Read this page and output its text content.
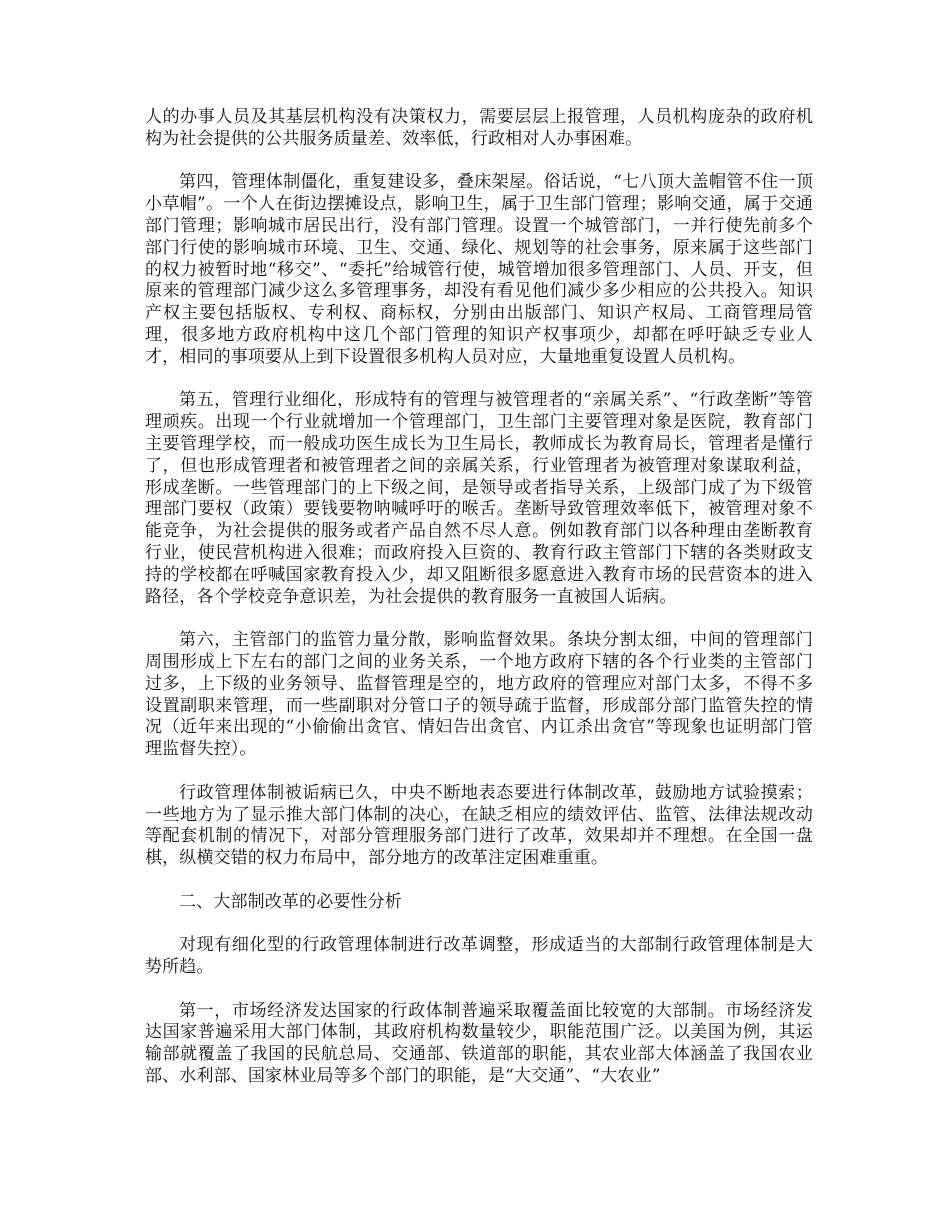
人的办事人员及其基层机构没有决策权力，需要层层上报管理，人员机构庞杂的政府机构为社会提供的公共服务质量差、效率低，行政相对人办事困难。

第四，管理体制僵化，重复建设多，叠床架屋。俗话说，“七八顶大盖帽管不住一顶小草帽”。一个人在街边摆摊设点，影响卫生，属于卫生部门管理；影响交通，属于交通部门管理；影响城市居民出行，没有部门管理。设置一个城管部门，一并行使先前多个部门行使的影响城市环境、卫生、交通、绿化、规划等的社会事务，原来属于这些部门的权力被暂时地“移交”、“委托”给城管行使，城管增加很多管理部门、人员、开支，但原来的管理部门减少这么多管理事务，却没有看见他们减少多少相应的公共投入。知识产权主要包括版权、专利权、商标权，分别由出版部门、知识产权局、工商管理局管理，很多地方政府机构中这几个部门管理的知识产权事项少，却都在呼吁缺乏专业人才，相同的事项要从上到下设置很多机构人员对应，大量地重复设置人员机构。

第五，管理行业细化，形成特有的管理与被管理者的“亲属关系”、“行政垄断”等管理顽疾。出现一个行业就增加一个管理部门，卫生部门主要管理对象是医院，教育部门主要管理学校，而一般成功医生成长为卫生局长，教师成长为教育局长，管理者是懂行了，但也形成管理者和被管理者之间的亲属关系，行业管理者为被管理对象谋取利益，形成垄断。一些管理部门的上下级之间，是领导或者指导关系，上级部门成了为下级管理部门要权（政策）要钱要物呐喊呼吁的喉舌。垄断导致管理效率低下，被管理对象不能竞争，为社会提供的服务或者产品自然不尽人意。例如教育部门以各种理由垄断教育行业，使民营机构进入很难；而政府投入巨资的、教育行政主管部门下辖的各类财政支持的学校都在呼喊国家教育投入少，却又阻断很多愿意进入教育市场的民营资本的进入路径，各个学校竞争意识差，为社会提供的教育服务一直被国人诟病。

第六，主管部门的监管力量分散，影响监督效果。条块分割太细，中间的管理部门周围形成上下左右的部门之间的业务关系，一个地方政府下辖的各个行业类的主管部门过多，上下级的业务领导、监督管理是空的，地方政府的管理应对部门太多，不得不多设置副职来管理，而一些副职对分管口子的领导疏于监督，形成部分部门监管失控的情况（近年来出现的“小偷偷出贪官、情妇告出贪官、内讧杀出贪官”等现象也证明部门管理监督失控）。

行政管理体制被诟病已久，中央不断地表态要进行体制改革，鼓励地方试验摸索；一些地方为了显示推大部门体制的决心，在缺乏相应的绩效评估、监管、法律法规改动等配套机制的情况下，对部分管理服务部门进行了改革，效果却并不理想。在全国一盘棋，纵横交错的权力布局中，部分地方的改革注定困难重重。

二、大部制改革的必要性分析

对现有细化型的行政管理体制进行改革调整，形成适当的大部制行政管理体制是大势所趋。

第一，市场经济发达国家的行政体制普遍采取覆盖面比较宽的大部制。市场经济发达国家普遍采用大部门体制，其政府机构数量较少，职能范围广泛。以美国为例，其运输部就覆盖了我国的民航总局、交通部、铁道部的职能，其农业部大体涵盖了我国农业部、水利部、国家林业局等多个部门的职能，是“大交通”、“大农业”
